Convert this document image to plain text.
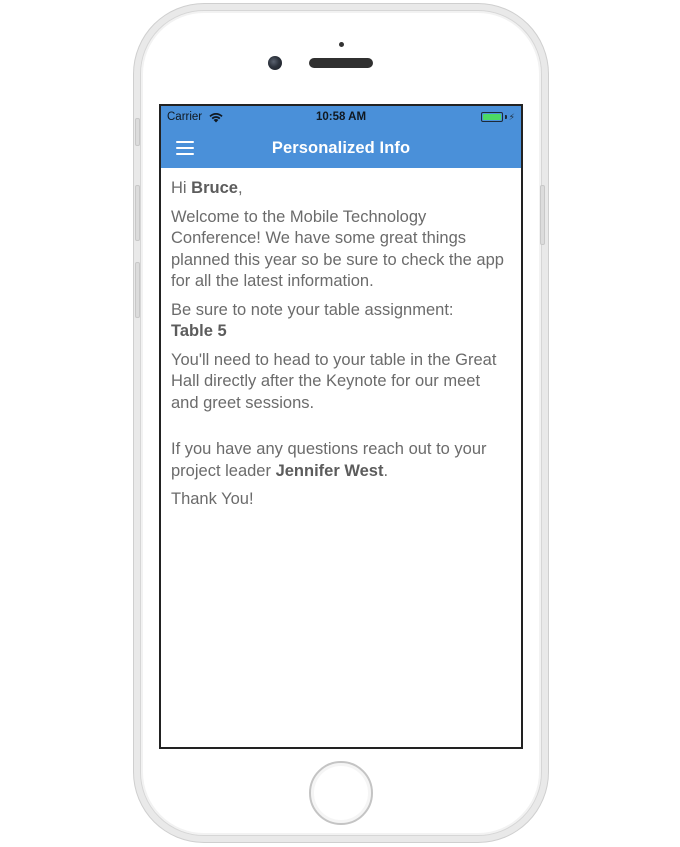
Carrier	10:58 AM	⚡
Personalized Info

Hi Bruce,

Welcome to the Mobile Technology Conference! We have some great things planned this year so be sure to check the app for all the latest information.

Be sure to note your table assignment:
Table 5

You'll need to head to your table in the Great Hall directly after the Keynote for our meet and greet sessions.

If you have any questions reach out to your project leader Jennifer West.

Thank You!
